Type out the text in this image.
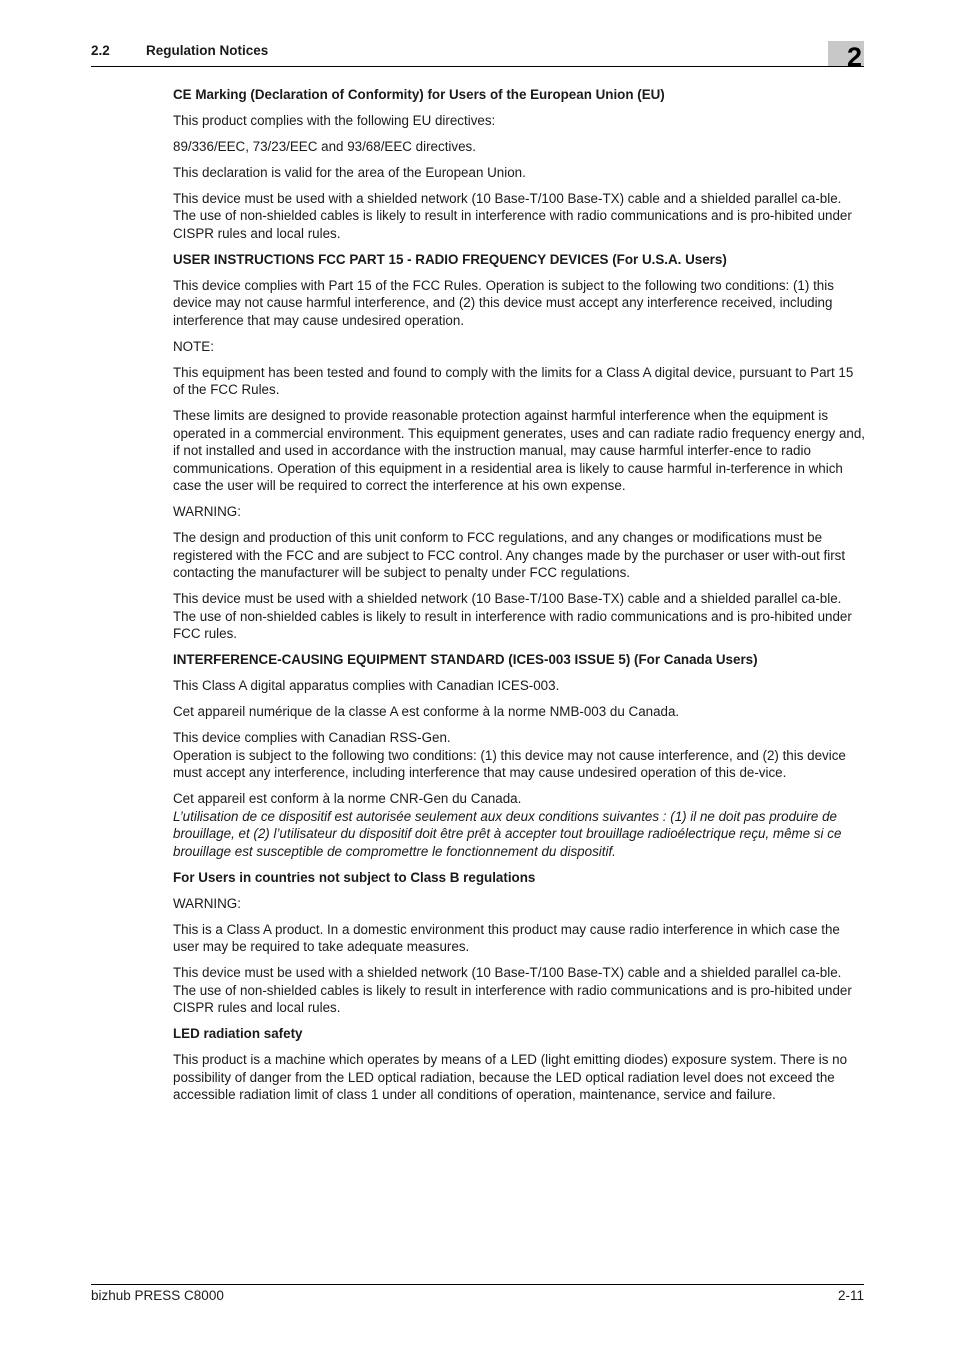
2.2	Regulation Notices	2
CE Marking (Declaration of Conformity) for Users of the European Union (EU)

This product complies with the following EU directives:

89/336/EEC, 73/23/EEC and 93/68/EEC directives.

This declaration is valid for the area of the European Union.

This device must be used with a shielded network (10 Base-T/100 Base-TX) cable and a shielded parallel ca-ble. The use of non-shielded cables is likely to result in interference with radio communications and is pro-hibited under CISPR rules and local rules.

USER INSTRUCTIONS FCC PART 15 - RADIO FREQUENCY DEVICES (For U.S.A. Users)

This device complies with Part 15 of the FCC Rules. Operation is subject to the following two conditions: (1) this device may not cause harmful interference, and (2) this device must accept any interference received, including interference that may cause undesired operation.

NOTE:

This equipment has been tested and found to comply with the limits for a Class A digital device, pursuant to Part 15 of the FCC Rules.

These limits are designed to provide reasonable protection against harmful interference when the equipment is operated in a commercial environment. This equipment generates, uses and can radiate radio frequency energy and, if not installed and used in accordance with the instruction manual, may cause harmful interfer-ence to radio communications. Operation of this equipment in a residential area is likely to cause harmful in-terference in which case the user will be required to correct the interference at his own expense.

WARNING:

The design and production of this unit conform to FCC regulations, and any changes or modifications must be registered with the FCC and are subject to FCC control. Any changes made by the purchaser or user with-out first contacting the manufacturer will be subject to penalty under FCC regulations.

This device must be used with a shielded network (10 Base-T/100 Base-TX) cable and a shielded parallel ca-ble. The use of non-shielded cables is likely to result in interference with radio communications and is pro-hibited under FCC rules.

INTERFERENCE-CAUSING EQUIPMENT STANDARD (ICES-003 ISSUE 5) (For Canada Users)

This Class A digital apparatus complies with Canadian ICES-003.

Cet appareil numérique de la classe A est conforme à la norme NMB-003 du Canada.

This device complies with Canadian RSS-Gen.
Operation is subject to the following two conditions: (1) this device may not cause interference, and (2) this device must accept any interference, including interference that may cause undesired operation of this de-vice.

Cet appareil est conform à la norme CNR-Gen du Canada.
L’utilisation de ce dispositif est autorisée seulement aux deux conditions suivantes : (1) il ne doit pas produire de brouillage, et (2) l’utilisateur du dispositif doit être prêt à accepter tout brouillage radioélectrique reçu, même si ce brouillage est susceptible de compromettre le fonctionnement du dispositif.

For Users in countries not subject to Class B regulations

WARNING:

This is a Class A product. In a domestic environment this product may cause radio interference in which case the user may be required to take adequate measures.

This device must be used with a shielded network (10 Base-T/100 Base-TX) cable and a shielded parallel ca-ble. The use of non-shielded cables is likely to result in interference with radio communications and is pro-hibited under CISPR rules and local rules.

LED radiation safety

This product is a machine which operates by means of a LED (light emitting diodes) exposure system. There is no possibility of danger from the LED optical radiation, because the LED optical radiation level does not exceed the accessible radiation limit of class 1 under all conditions of operation, maintenance, service and failure.

bizhub PRESS C8000	2-11
